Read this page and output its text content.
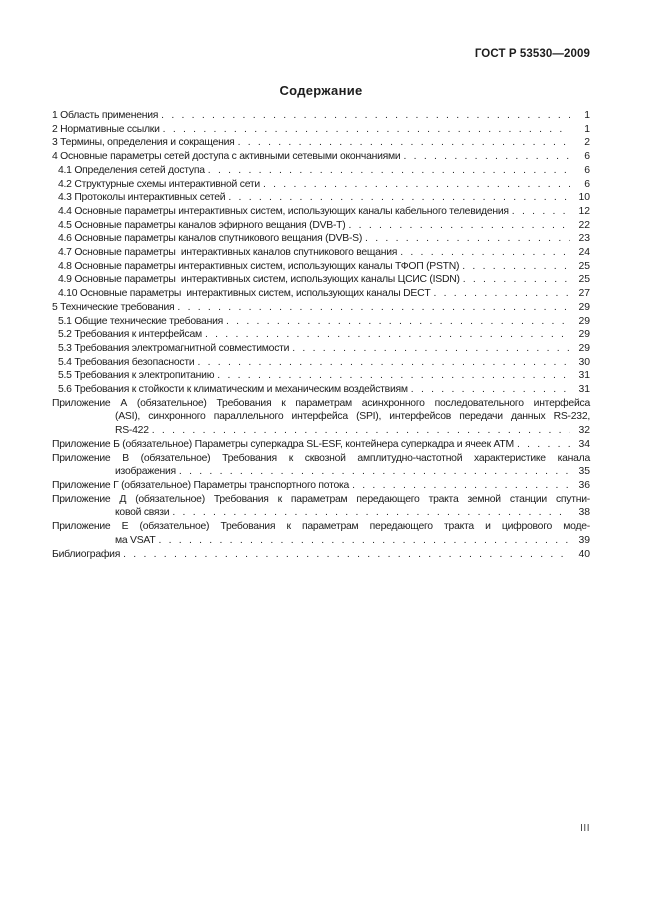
ГОСТ Р 53530—2009
Содержание
1 Область применения . . .	1
2 Нормативные ссылки . . .	1
3 Термины, определения и сокращения . . .	2
4 Основные параметры сетей доступа с активными сетевыми окончаниями . . .	6
4.1 Определения сетей доступа . . .	6
4.2 Структурные схемы интерактивной сети . . .	6
4.3 Протоколы интерактивных сетей . . .	10
4.4 Основные параметры интерактивных систем, использующих каналы кабельного телевидения . . .	12
4.5 Основные параметры каналов эфирного вещания (DVB-T) . . .	22
4.6 Основные параметры каналов спутникового вещания (DVB-S) . . .	23
4.7 Основные параметры  интерактивных каналов спутникового вещания . . .	24
4.8 Основные параметры интерактивных систем, использующих каналы ТФОП (PSTN) . . .	25
4.9 Основные параметры  интерактивных систем, использующих каналы ЦСИС (ISDN) . . .	25
4.10 Основные параметры  интерактивных систем, использующих каналы DECT . . .	27
5 Технические требования . . .	29
5.1 Общие технические требования . . .	29
5.2 Требования к интерфейсам . . .	29
5.3 Требования электромагнитной совместимости . . .	29
5.4 Требования безопасности . . .	30
5.5 Требования к электропитанию . . .	31
5.6 Требования к стойкости к климатическим и механическим воздействиям . . .	31
Приложение А (обязательное) Требования к параметрам асинхронного последовательного интерфейса
(ASI), синхронного параллельного интерфейса (SPI), интерфейсов передачи данных RS-232,
RS-422 . . .	32
Приложение Б (обязательное) Параметры суперкадра SL-ESF, контейнера суперкадра и ячеек ATM . . .	34
Приложение В (обязательное) Требования к сквозной амплитудно-частотной характеристике канала
изображения . . .	35
Приложение Г (обязательное) Параметры транспортного потока . . .	36
Приложение Д (обязательное) Требования к параметрам передающего тракта земной станции спутни-
ковой связи . . .	38
Приложение Е (обязательное) Требования к параметрам передающего тракта и цифрового моде-
ма VSAT . . .	39
Библиография . . .	40
III
